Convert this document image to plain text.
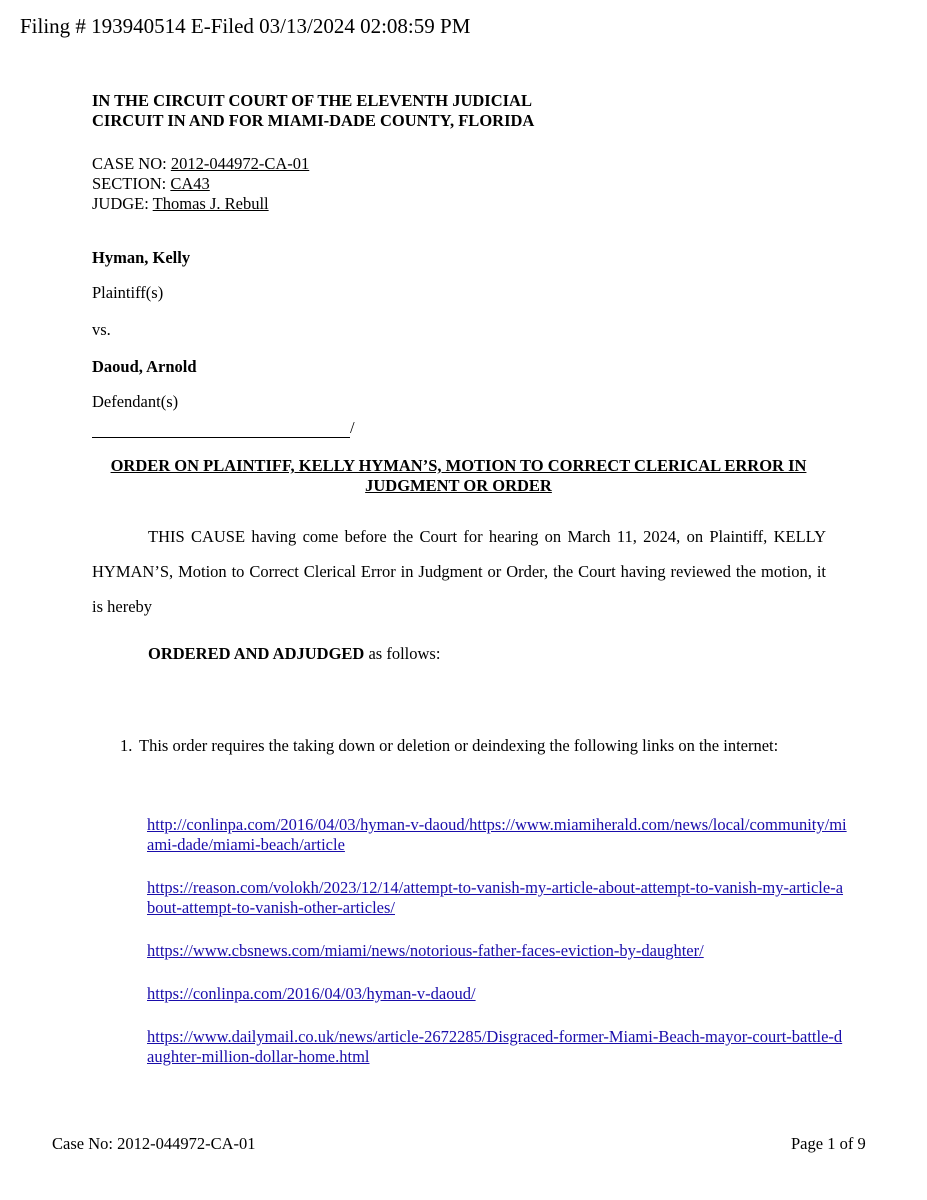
Filing # 193940514 E-Filed 03/13/2024 02:08:59 PM
IN THE CIRCUIT COURT OF THE ELEVENTH JUDICIAL
CIRCUIT IN AND FOR MIAMI-DADE COUNTY, FLORIDA
CASE NO: 2012-044972-CA-01
SECTION: CA43
JUDGE: Thomas J. Rebull
Hyman, Kelly
Plaintiff(s)
vs.
Daoud, Arnold
Defendant(s)
/
ORDER ON PLAINTIFF, KELLY HYMAN’S, MOTION TO CORRECT CLERICAL ERROR IN JUDGMENT OR ORDER
THIS CAUSE having come before the Court for hearing on March 11, 2024, on Plaintiff, KELLY HYMAN’S, Motion to Correct Clerical Error in Judgment or Order, the Court having reviewed the motion, it is hereby
ORDERED AND ADJUDGED as follows:
1. This order requires the taking down or deletion or deindexing the following links on the internet:
http://conlinpa.com/2016/04/03/hyman-v-daoud/https://www.miamiherald.com/news/local/community/miami-dade/miami-beach/article
https://reason.com/volokh/2023/12/14/attempt-to-vanish-my-article-about-attempt-to-vanish-my-article-about-attempt-to-vanish-other-articles/
https://www.cbsnews.com/miami/news/notorious-father-faces-eviction-by-daughter/
https://conlinpa.com/2016/04/03/hyman-v-daoud/
https://www.dailymail.co.uk/news/article-2672285/Disgraced-former-Miami-Beach-mayor-court-battle-daughter-million-dollar-home.html
Case No: 2012-044972-CA-01	Page 1 of 9
